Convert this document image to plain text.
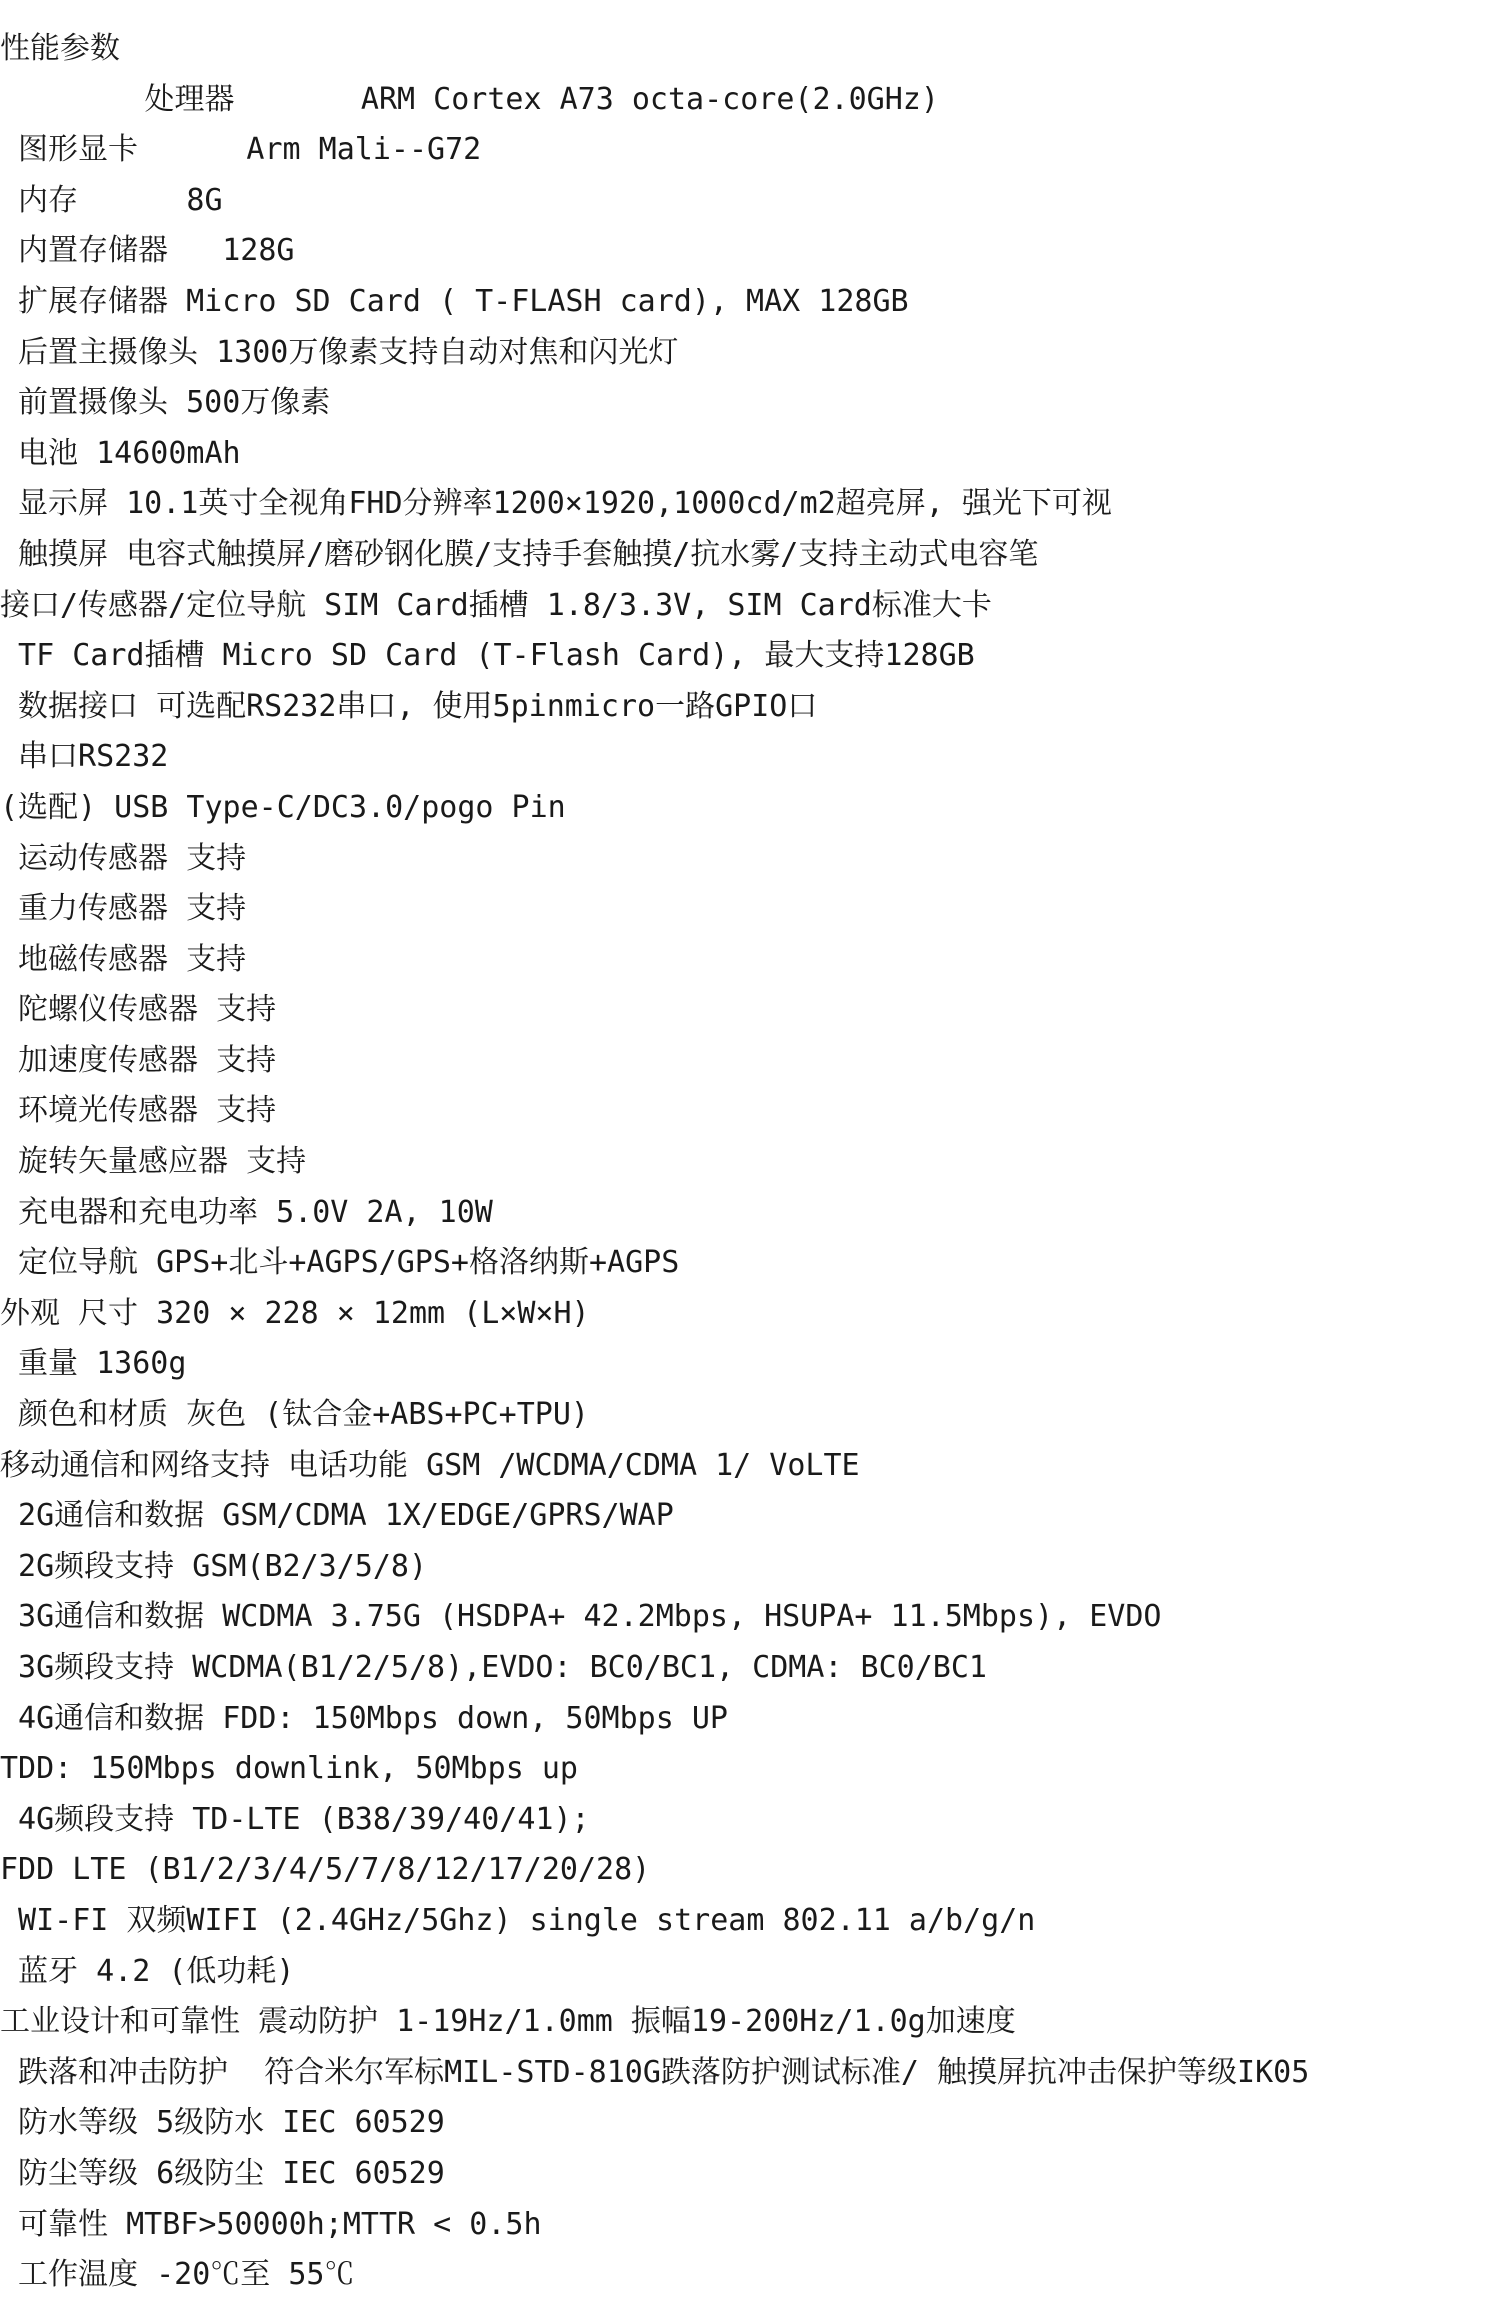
性能参数
处理器       ARM Cortex A73 octa-core(2.0GHz)
图形显卡      Arm Mali--G72
内存      8G
内置存储器   128G
扩展存储器 Micro SD Card ( T-FLASH card), MAX 128GB
后置主摄像头 1300万像素支持自动对焦和闪光灯
前置摄像头 500万像素
电池 14600mAh
显示屏 10.1英寸全视角FHD分辨率1200×1920,1000cd/m2超亮屏, 强光下可视
触摸屏 电容式触摸屏/磨砂钢化膜/支持手套触摸/抗水雾/支持主动式电容笔
接口/传感器/定位导航 SIM Card插槽 1.8/3.3V, SIM Card标准大卡
TF Card插槽 Micro SD Card (T-Flash Card), 最大支持128GB
数据接口 可选配RS232串口, 使用5pinmicro一路GPIO口
串口RS232
(选配) USB Type-C/DC3.0/pogo Pin
运动传感器 支持
重力传感器 支持
地磁传感器 支持
陀螺仪传感器 支持
加速度传感器 支持
环境光传感器 支持
旋转矢量感应器 支持
充电器和充电功率 5.0V 2A, 10W
定位导航 GPS+北斗+AGPS/GPS+格洛纳斯+AGPS
外观 尺寸 320 × 228 × 12mm (L×W×H)
重量 1360g
颜色和材质 灰色 (钛合金+ABS+PC+TPU)
移动通信和网络支持 电话功能 GSM /WCDMA/CDMA 1/ VoLTE
2G通信和数据 GSM/CDMA 1X/EDGE/GPRS/WAP
2G频段支持 GSM(B2/3/5/8)
3G通信和数据 WCDMA 3.75G (HSDPA+ 42.2Mbps, HSUPA+ 11.5Mbps), EVDO
3G频段支持 WCDMA(B1/2/5/8),EVDO: BC0/BC1, CDMA: BC0/BC1
4G通信和数据 FDD: 150Mbps down, 50Mbps UP
TDD: 150Mbps downlink, 50Mbps up
4G频段支持 TD-LTE (B38/39/40/41);
FDD LTE (B1/2/3/4/5/7/8/12/17/20/28)
WI-FI 双频WIFI (2.4GHz/5Ghz) single stream 802.11 a/b/g/n
蓝牙 4.2 (低功耗)
工业设计和可靠性 震动防护 1-19Hz/1.0mm 振幅19-200Hz/1.0g加速度
跌落和冲击防护  符合米尔军标MIL-STD-810G跌落防护测试标准/ 触摸屏抗冲击保护等级IK05
防水等级 5级防水 IEC 60529
防尘等级 6级防尘 IEC 60529
可靠性 MTBF>50000h;MTTR < 0.5h
工作温度 -20℃至 55℃
